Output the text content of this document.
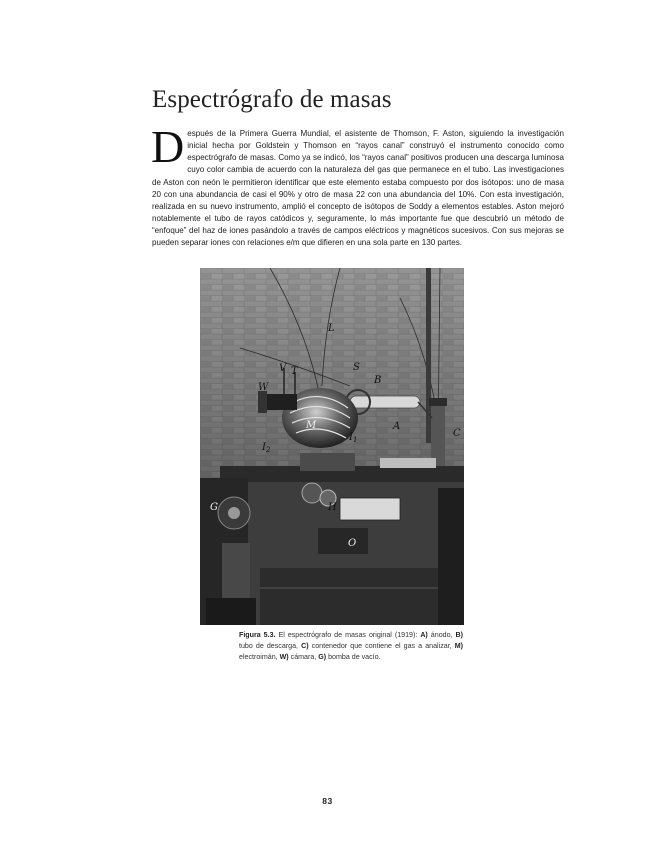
Espectrógrafo de masas
Después de la Primera Guerra Mundial, el asistente de Thomson, F. Aston, siguiendo la investigación inicial hecha por Goldstein y Thomson en “rayos canal” construyó el instrumento conocido como espectrógrafo de masas. Como ya se indicó, los “rayos canal” positivos producen una descarga luminosa cuyo color cambia de acuerdo con la naturaleza del gas que permanece en el tubo. Las investigaciones de Aston con neón le permitieron identificar que este elemento estaba compuesto por dos isótopos: uno de masa 20 con una abundancia de casi el 90% y otro de masa 22 con una abundancia del 10%. Con esta investigación, realizada en su nuevo instrumento, amplió el concepto de isótopos de Soddy a elementos estables. Aston mejoró notablemente el tubo de rayos catódicos y, seguramente, lo más importante fue que descubrió un método de “enfoque” del haz de iones pasándolo a través de campos eléctricos y magnéticos sucesivos. Con sus mejoras se pueden separar iones con relaciones e/m que difieren en una sola parte en 130 partes.
L
V T
W
S
B
M	A
C
$I_1$
$I_2$
G	H
O

Figura 5.3. El espectrógrafo de masas original (1919): A) ánodo, B) tubo de descarga, C) contenedor que contiene el gas a analizar, M) electroimán, W) cámara, G) bomba de vacío.

83
